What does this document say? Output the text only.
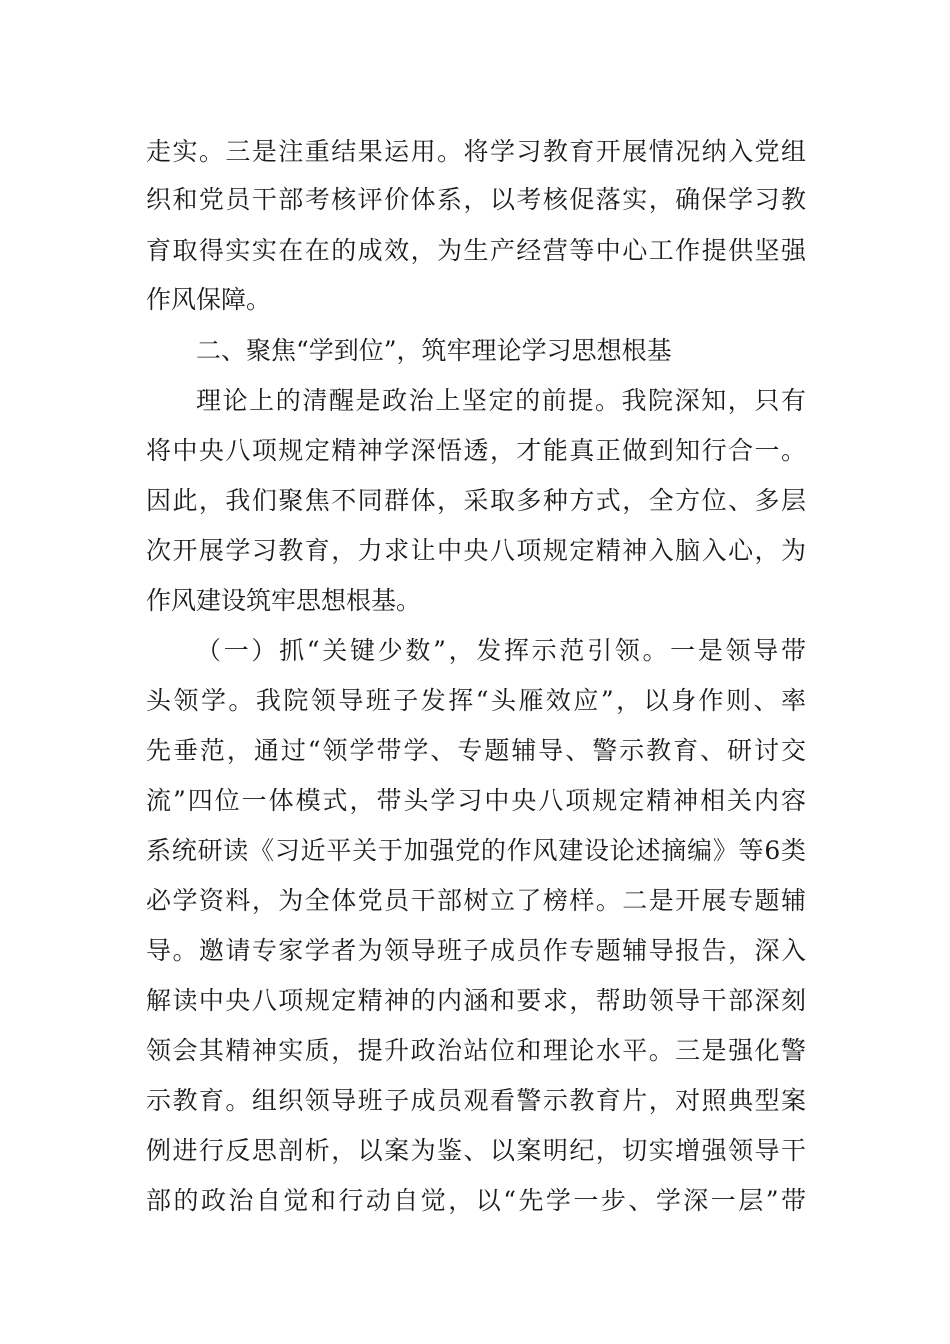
走实。三是注重结果运用。将学习教育开展情况纳入党组
织和党员干部考核评价体系，以考核促落实，确保学习教
育取得实实在在的成效，为生产经营等中心工作提供坚强
作风保障。
二、聚焦“学到位”，筑牢理论学习思想根基
理论上的清醒是政治上坚定的前提。我院深知，只有
将中央八项规定精神学深悟透，才能真正做到知行合一。
因此，我们聚焦不同群体，采取多种方式，全方位、多层
次开展学习教育，力求让中央八项规定精神入脑入心，为
作风建设筑牢思想根基。
（一）抓“关键少数”，发挥示范引领。一是领导带
头领学。我院领导班子发挥“头雁效应”，以身作则、率
先垂范，通过“领学带学、专题辅导、警示教育、研讨交
流”四位一体模式，带头学习中央八项规定精神相关内容
系统研读《习近平关于加强党的作风建设论述摘编》等6类
必学资料，为全体党员干部树立了榜样。二是开展专题辅
导。邀请专家学者为领导班子成员作专题辅导报告，深入
解读中央八项规定精神的内涵和要求，帮助领导干部深刻
领会其精神实质，提升政治站位和理论水平。三是强化警
示教育。组织领导班子成员观看警示教育片，对照典型案
例进行反思剖析，以案为鉴、以案明纪，切实增强领导干
部的政治自觉和行动自觉，以“先学一步、学深一层”带
